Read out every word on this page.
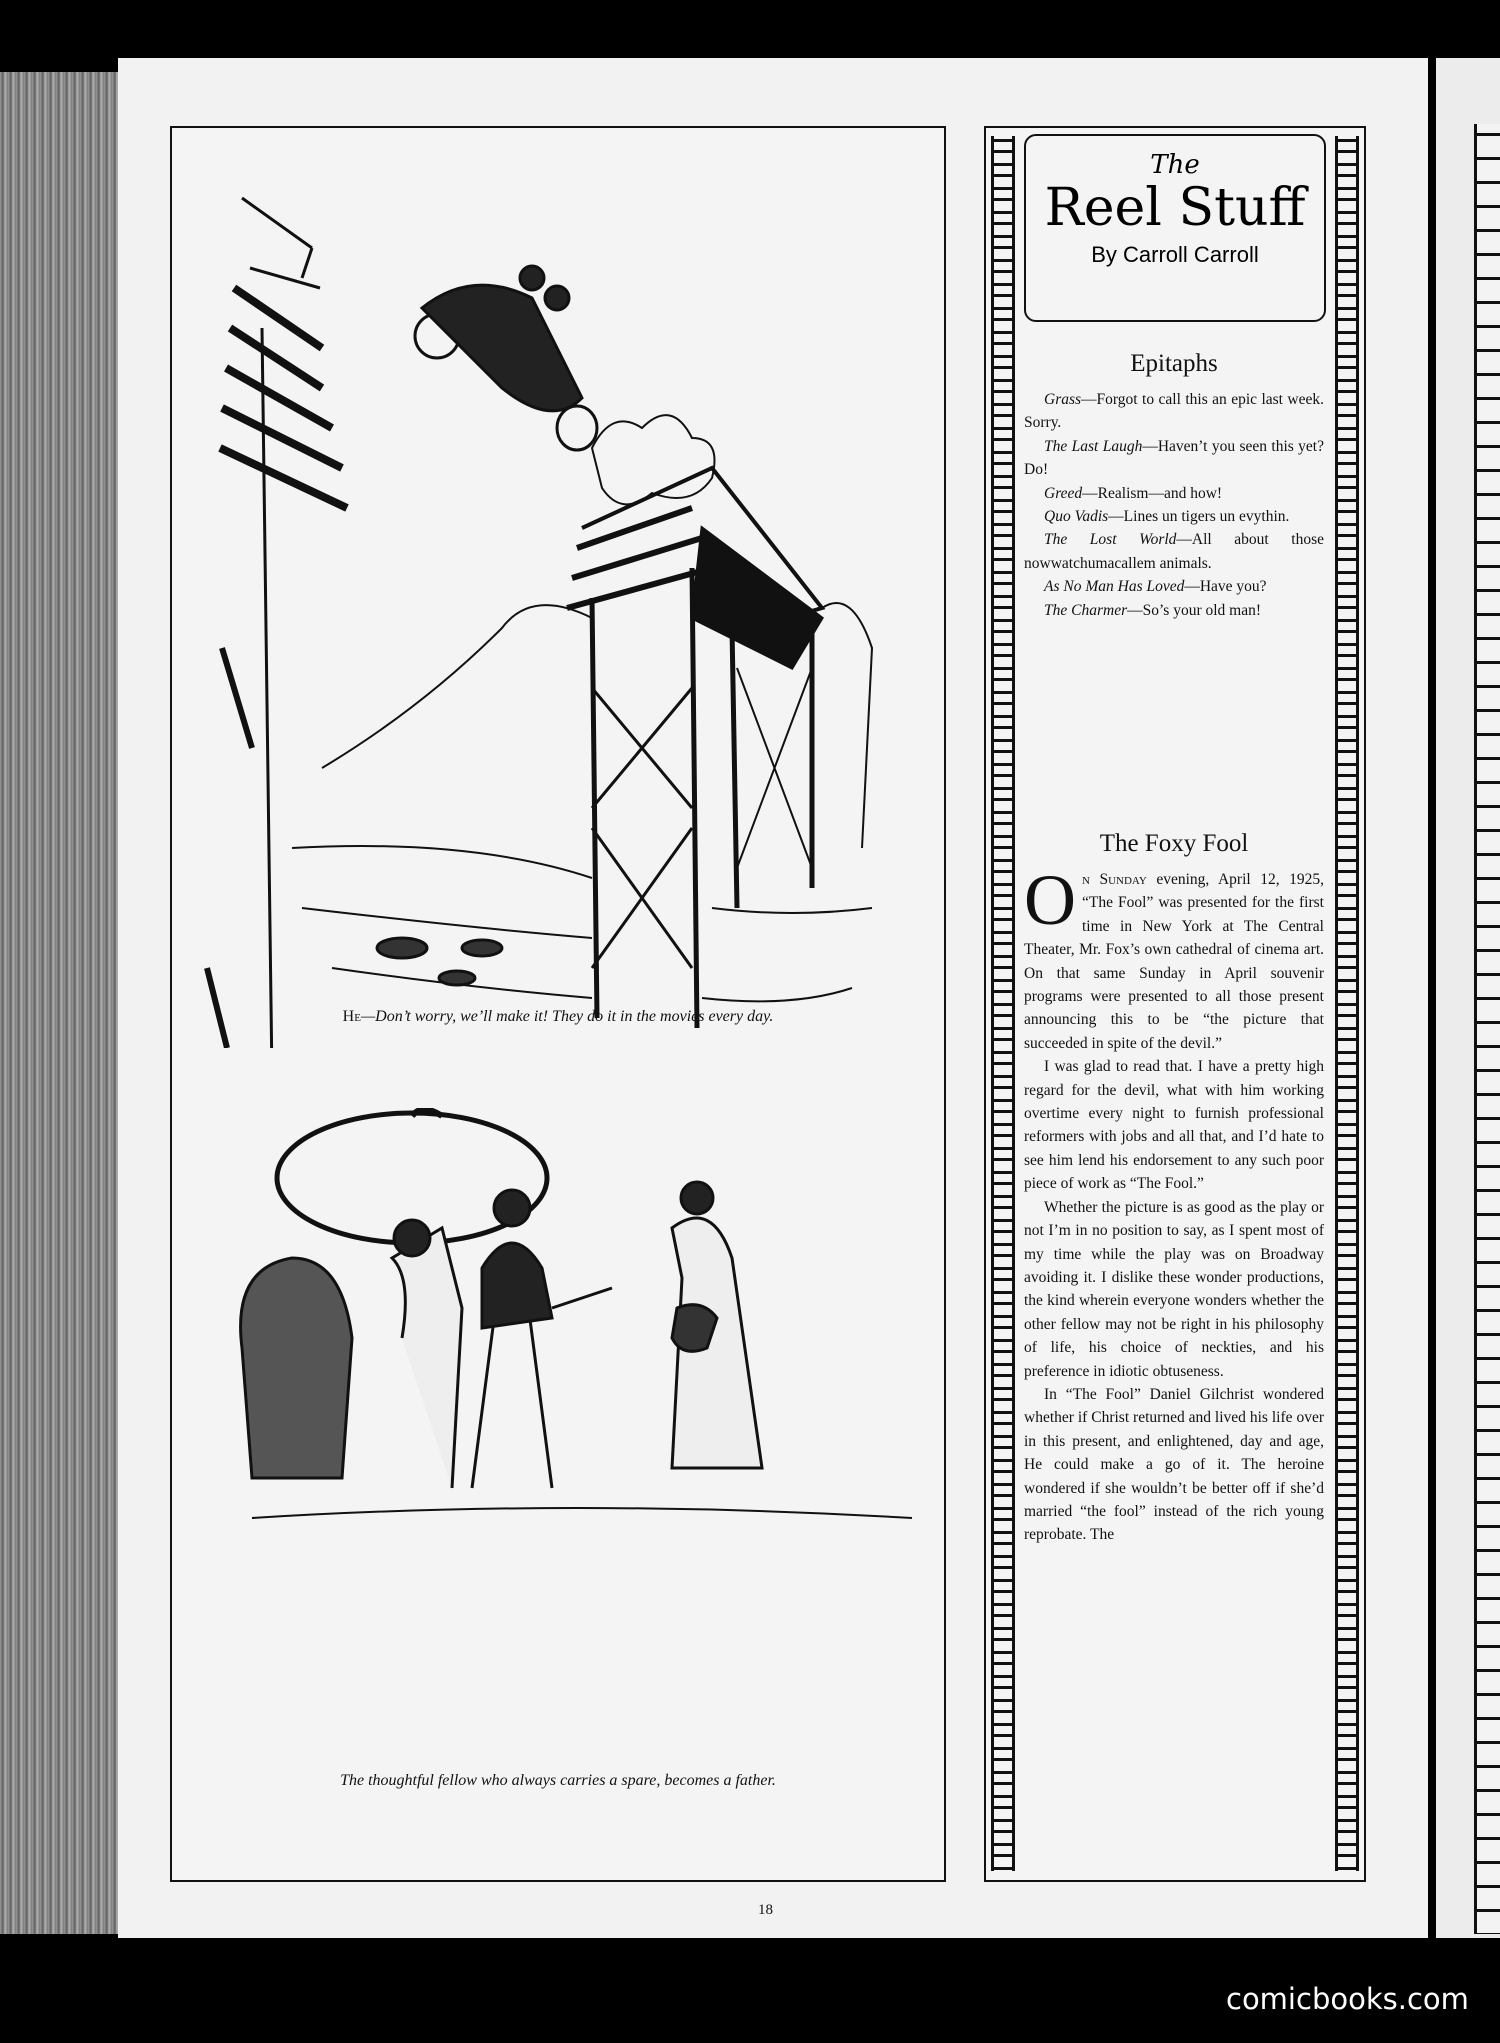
He—Don’t worry, we’ll make it! They do it in the movies every day.
The thoughtful fellow who always carries a spare, becomes a father.
The
Reel Stuff
By Carroll Carroll
Epitaphs

Grass—Forgot to call this an epic last week. Sorry.

The Last Laugh—Haven’t you seen this yet? Do!

Greed—Realism—and how!

Quo Vadis—Lines un tigers un evythin.

The Lost World—All about those nowwatchumacallem animals.

As No Man Has Loved—Have you?

The Charmer—So’s your old man!

The Foxy Fool

On Sunday evening, April 12, 1925, “The Fool” was presented for the first time in New York at The Central Theater, Mr. Fox’s own cathedral of cinema art. On that same Sunday in April souvenir programs were presented to all those present announcing this to be “the picture that succeeded in spite of the devil.”

I was glad to read that. I have a pretty high regard for the devil, what with him working overtime every night to furnish professional reformers with jobs and all that, and I’d hate to see him lend his endorsement to any such poor piece of work as “The Fool.”

Whether the picture is as good as the play or not I’m in no position to say, as I spent most of my time while the play was on Broadway avoiding it. I dislike these wonder productions, the kind wherein everyone wonders whether the other fellow may not be right in his philosophy of life, his choice of neckties, and his preference in idiotic obtuseness.

In “The Fool” Daniel Gilchrist wondered whether if Christ returned and lived his life over in this present, and enlightened, day and age, He could make a go of it. The heroine wondered if she wouldn’t be better off if she’d married “the fool” instead of the rich young reprobate. The

18
comicbooks.com
